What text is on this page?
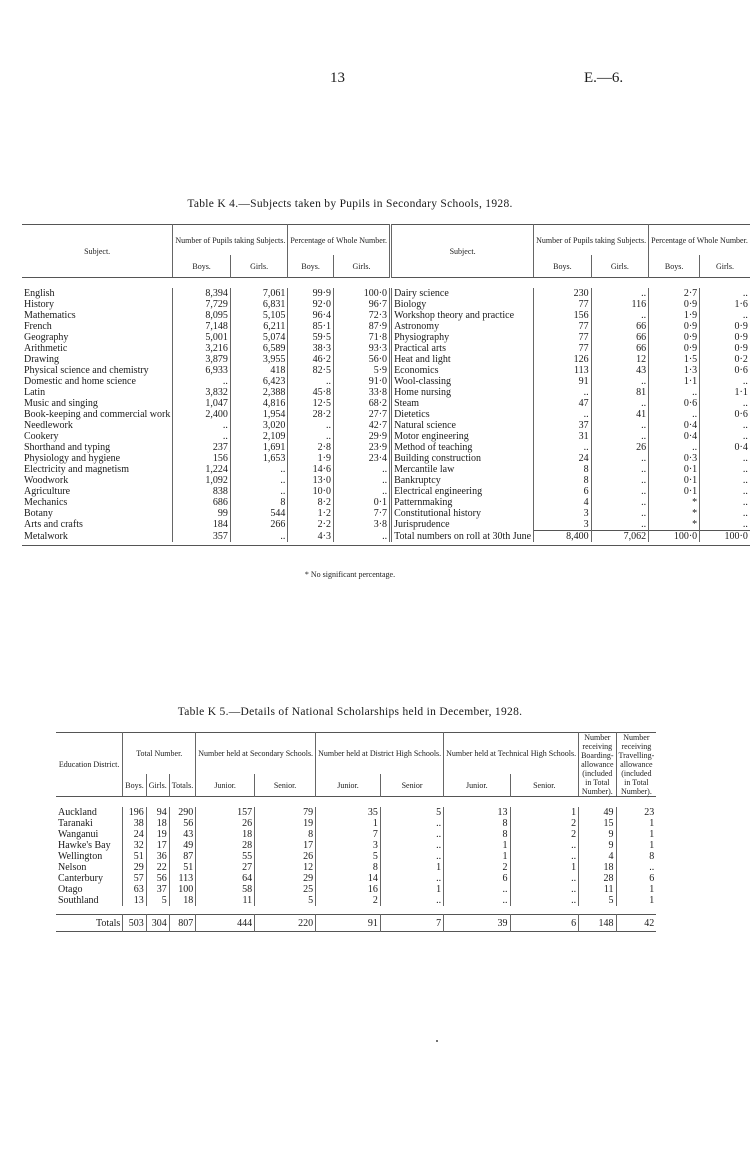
13	E.—6.
Table K 4.—Subjects taken by Pupils in Secondary Schools, 1928.
Subject.	Number of Pupils taking Subjects.		Percentage of Whole Number.		Subject.	Number of Pupils taking Subjects.		Percentage of Whole Number.	
	Boys.	Girls.	Boys.	Girls.		Boys.	Girls.	Boys.	Girls.

English	8,394	7,061	99·9	100·0	Dairy science	230	..	2·7	..
History	7,729	6,831	92·0	96·7	Biology	77	116	0·9	1·6
Mathematics	8,095	5,105	96·4	72·3	Workshop theory and practice	156	..	1·9	..
French	7,148	6,211	85·1	87·9	Astronomy	77	66	0·9	0·9
Geography	5,001	5,074	59·5	71·8	Physiography	77	66	0·9	0·9
Arithmetic	3,216	6,589	38·3	93·3	Practical arts	77	66	0·9	0·9
Drawing	3,879	3,955	46·2	56·0	Heat and light	126	12	1·5	0·2
Physical science and chemistry	6,933	418	82·5	5·9	Economics	113	43	1·3	0·6
Domestic and home science	..	6,423	..	91·0	Wool-classing	91	..	1·1	..
Latin	3,832	2,388	45·8	33·8	Home nursing	..	81	..	1·1
Music and singing	1,047	4,816	12·5	68·2	Steam	47	..	0·6	..
Book-keeping and commercial work	2,400	1,954	28·2	27·7	Dietetics	..	41	..	0·6
Needlework	..	3,020	..	42·7	Natural science	37	..	0·4	..
Cookery	..	2,109	..	29·9	Motor engineering	31	..	0·4	..
Shorthand and typing	237	1,691	2·8	23·9	Method of teaching	..	26	..	0·4
Physiology and hygiene	156	1,653	1·9	23·4	Building construction	24	..	0·3	..
Electricity and magnetism	1,224	..	14·6	..	Mercantile law	8	..	0·1	..
Woodwork	1,092	..	13·0	..	Bankruptcy	8	..	0·1	..
Agriculture	838	..	10·0	..	Electrical engineering	6	..	0·1	..
Mechanics	686	8	8·2	0·1	Patternmaking	4	..	*	..
Botany	99	544	1·2	7·7	Constitutional history	3	..	*	..
Arts and crafts	184	266	2·2	3·8	Jurisprudence	3	..	*	..
Metalwork	357	..	4·3	..	Total numbers on roll at 30th June	8,400	7,062	100·0	100·0

* No significant percentage.
Table K 5.—Details of National Scholarships held in December, 1928.
Education District.	Total Number.			Number held at Secondary Schools.		Number held at District High Schools.		Number held at Technical High Schools.		Number receiving Boarding-allowance (included in Total Number).	Number receiving Travelling-allowance (included in Total Number).
	Boys.	Girls.	Totals.	Junior.	Senior.	Junior.	Senior	Junior.	Senior.		

Auckland	196	94	290	157	79	35	5	13	1	49	23
Taranaki	38	18	56	26	19	1	..	8	2	15	1
Wanganui	24	19	43	18	8	7	..	8	2	9	1
Hawke's Bay	32	17	49	28	17	3	..	1	..	9	1
Wellington	51	36	87	55	26	5	..	1	..	4	8
Nelson	29	22	51	27	12	8	1	2	1	18	..
Canterbury	57	56	113	64	29	14	..	6	..	28	6
Otago	63	37	100	58	25	16	1	..	..	11	1
Southland	13	5	18	11	5	2	..	..	..	5	1

Totals	503	304	807	444	220	91	7	39	6	148	42
